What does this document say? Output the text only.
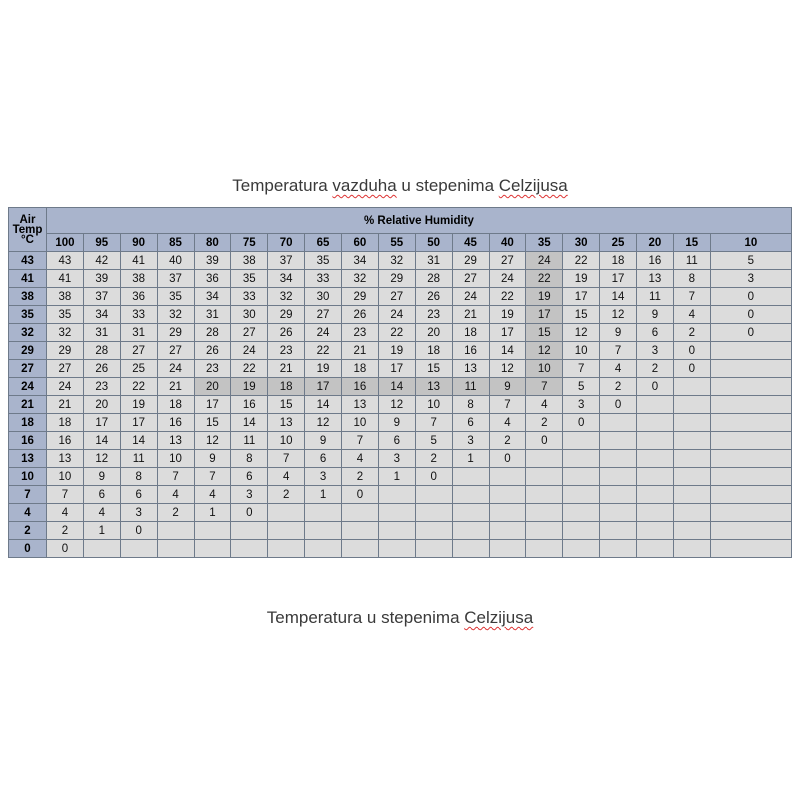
Temperatura vazduha u stepenima Celzijusa
Air
Temp
°C	% Relative Humidity																		
	100	95	90	85	80	75	70	65	60	55	50	45	40	35	30	25	20	15	10
43	43	42	41	40	39	38	37	35	34	32	31	29	27	24	22	18	16	11	5
41	41	39	38	37	36	35	34	33	32	29	28	27	24	22	19	17	13	8	3
38	38	37	36	35	34	33	32	30	29	27	26	24	22	19	17	14	11	7	0
35	35	34	33	32	31	30	29	27	26	24	23	21	19	17	15	12	9	4	0
32	32	31	31	29	28	27	26	24	23	22	20	18	17	15	12	9	6	2	0
29	29	28	27	27	26	24	23	22	21	19	18	16	14	12	10	7	3	0	
27	27	26	25	24	23	22	21	19	18	17	15	13	12	10	7	4	2	0	
24	24	23	22	21	20	19	18	17	16	14	13	11	9	7	5	2	0		
21	21	20	19	18	17	16	15	14	13	12	10	8	7	4	3	0			
18	18	17	17	16	15	14	13	12	10	9	7	6	4	2	0				
16	16	14	14	13	12	11	10	9	7	6	5	3	2	0					
13	13	12	11	10	9	8	7	6	4	3	2	1	0						
10	10	9	8	7	7	6	4	3	2	1	0								
7	7	6	6	4	4	3	2	1	0										
4	4	4	3	2	1	0													
2	2	1	0																
0	0																		
Temperatura u stepenima Celzijusa
